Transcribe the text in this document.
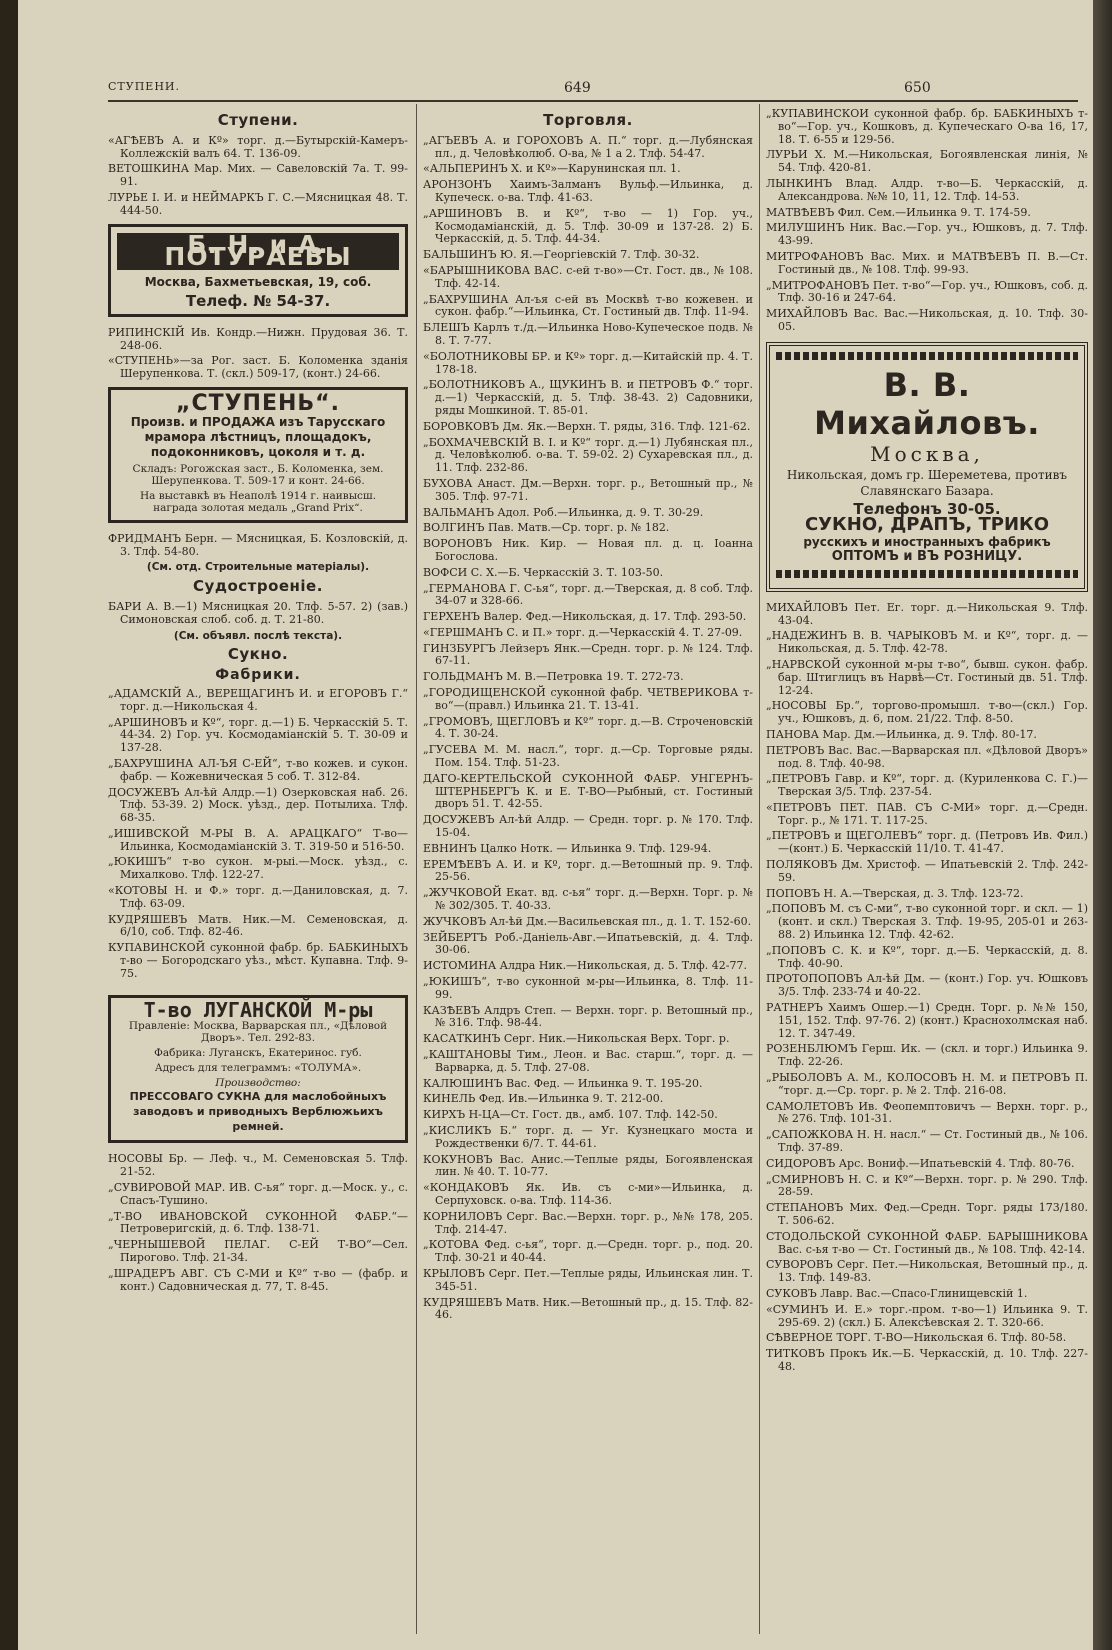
СТУПЕНИ.	649	650
Ступени.

«АГѢЕВЪ А. и Кº» торг. д.—Бутырскій-Камеръ-Коллежскій валъ 64. Т. 136-09.

ВЕТОШКИНА Мар. Мих. — Савеловскій 7а. Т. 99-91.

ЛУРЬЕ I. И. и НЕЙМАРКЪ Г. С.—Мясницкая 48. Т. 444-50.

Б. Н. и А. ПОТУРАЕВЫ
Москва, Бахметьевская, 19, соб.
Телеф. № 54-37.

РИПИНСКІЙ Ив. Кондр.—Нижн. Прудовая 36. Т. 248-06.

«СТУПЕНЬ»—за Рог. заст. Б. Коломенка зданія Шерупенкова. Т. (скл.) 509-17, (конт.) 24-66.

„СТУПЕНЬ“.
Произв. и ПРОДАЖА изъ Тарусскаго мрамора лѣстницъ, площадокъ, подоконниковъ, цоколя и т. д.
Складъ: Рогожская заст., Б. Коломенка, зем. Шерупенкова. Т. 509-17 и конт. 24-66.
На выставкѣ въ Неаполѣ 1914 г. наивысш. награда золотая медаль „Grand Prix“.

ФРИДМАНЪ Берн. — Мясницкая, Б. Козловскій, д. 3. Тлф. 54-80.

(См. отд. Строительные матеріалы).
Судостроеніе.

БАРИ А. В.—1) Мясницкая 20. Тлф. 5-57. 2) (зав.) Симоновская слоб. соб. д. Т. 21-80.

(См. объявл. послѣ текста).
Сукно.
Фабрики.

„АДАМСКІЙ А., ВЕРЕЩАГИНЪ И. и ЕГОРОВЪ Г.“ торг. д.—Никольская 4.

„АРШИНОВЪ и Кº“, торг. д.—1) Б. Черкасскій 5. Т. 44-34. 2) Гор. уч. Космодаміанскій 5. Т. 30-09 и 137-28.

„БАХРУШИНА АЛ-ЪЯ С-ЕЙ“, т-во кожев. и сукон. фабр. — Кожевническая 5 соб. Т. 312-84.

ДОСУЖЕВЪ Ал-ѣй Алдр.—1) Озерковская наб. 26. Тлф. 53-39. 2) Моск. уѣзд., дер. Потылиха. Тлф. 68-35.

„ИШИВСКОЙ М-РЫ В. А. АРАЦКАГО“ Т-во—Ильинка, Космодаміанскій 3. Т. 319-50 и 516-50.

„ЮКИШЪ“ т-во сукон. м-рыі.—Моск. уѣзд., с. Михалково. Тлф. 122-27.

«КОТОВЫ Н. и Ф.» торг. д.—Даниловская, д. 7. Тлф. 63-09.

КУДРЯШЕВЪ Матв. Ник.—М. Семеновская, д. 6/10, соб. Тлф. 82-46.

КУПАВИНСКОЙ суконной фабр. бр. БАБКИНЫХЪ т-во — Богородскаго уѣз., мѣст. Купавна. Тлф. 9-75.

Т-во ЛУГАНСКОЙ М-ры
Правленіе: Москва, Варварская пл., «Дѣловой Дворъ». Тел. 292-83.
Фабрика: Луганскъ, Екатеринос. губ.
Адресъ для телеграммъ: «ТОЛУМА».
Производство:
ПРЕССОВАГО СУКНА для маслобойныхъ заводовъ и приводныхъ Верблюжьихъ ремней.

НОСОВЫ Бр. — Леф. ч., М. Семеновская 5. Тлф. 21-52.

„СУВИРОВОЙ МАР. ИВ. С-ья“ торг. д.—Моск. у., с. Спасъ-Тушино.

„Т-ВО ИВАНОВСКОЙ СУКОННОЙ ФАБР.“—Петроверигскій, д. 6. Тлф. 138-71.

„ЧЕРНЫШЕВОЙ ПЕЛАГ. С-ЕЙ Т-ВО“—Сел. Пирогово. Тлф. 21-34.

„ШРАДЕРЪ АВГ. СЪ С-МИ и Кº“ т-во — (фабр. и конт.) Садовническая д. 77, Т. 8-45.

Торговля.

„АГЪЕВЪ А. и ГОРОХОВЪ А. П.“ торг. д.—Лубянская пл., д. Человѣколюб. О-ва, № 1 а 2. Тлф. 54-47.

«АЛЬПЕРИНЪ Х. и Кº»—Карунинская пл. 1.

АРОНЗОНЪ Хаимъ-Залманъ Вульф.—Ильинка, д. Купеческ. о-ва. Тлф. 41-63.

„АРШИНОВЪ В. и Кº“, т-во — 1) Гор. уч., Космодаміанскій, д. 5. Тлф. 30-09 и 137-28. 2) Б. Черкасскій, д. 5. Тлф. 44-34.

БАЛЬШИНЪ Ю. Я.—Георгіевскій 7. Тлф. 30-32.

«БАРЫШНИКОВА ВАС. с-ей т-во»—Ст. Гост. дв., № 108. Тлф. 42-14.

„БАХРУШИНА Ал-ъя с-ей въ Москвѣ т-во кожевен. и сукон. фабр.“—Ильинка, Ст. Гостиный дв. Тлф. 11-94.

БЛЕШЪ Карлъ т./д.—Ильинка Ново-Купеческое подв. № 8. Т. 7-77.

«БОЛОТНИКОВЫ БР. и Кº» торг. д.—Китайскій пр. 4. Т. 178-18.

„БОЛОТНИКОВЪ А., ЩУКИНЪ В. и ПЕТРОВЪ Ф.“ торг. д.—1) Черкасскій, д. 5. Тлф. 38-43. 2) Садовники, ряды Мошкиной. Т. 85-01.

БОРОВКОВЪ Дм. Як.—Верхн. Т. ряды, 316. Тлф. 121-62.

„БОХМАЧЕВСКІЙ В. I. и Кº“ торг. д.—1) Лубянская пл., д. Человѣколюб. о-ва. Т. 59-02. 2) Сухаревская пл., д. 11. Тлф. 232-86.

БУХОВА Анаст. Дм.—Верхн. торг. р., Ветошный пр., № 305. Тлф. 97-71.

ВАЛЬМАНЪ Адол. Роб.—Ильинка, д. 9. Т. 30-29.

ВОЛГИНЪ Пав. Матв.—Ср. торг. р. № 182.

ВОРОНОВЪ Ник. Кир. — Новая пл. д. ц. Іоанна Богослова.

ВОФСИ С. Х.—Б. Черкасскій 3. Т. 103-50.

„ГЕРМАНОВА Г. С-ья“, торг. д.—Тверская, д. 8 соб. Тлф. 34-07 и 328-66.

ГЕРХЕНЪ Валер. Фед.—Никольская, д. 17. Тлф. 293-50.

«ГЕРШМАНЪ С. и П.» торг. д.—Черкасскій 4. Т. 27-09.

ГИНЗБУРГЪ Лейзеръ Янк.—Средн. торг. р. № 124. Тлф. 67-11.

ГОЛЬДМАНЪ М. В.—Петровка 19. Т. 272-73.

„ГОРОДИЩЕНСКОЙ суконной фабр. ЧЕТВЕРИКОВА т-во“—(правл.) Ильинка 21. Т. 13-41.

„ГРОМОВЪ, ЩЕГЛОВЪ и Кº“ торг. д.—В. Строченовскій 4. Т. 30-24.

„ГУСЕВА М. М. насл.“, торг. д.—Ср. Торговые ряды. Пом. 154. Тлф. 51-23.

ДАГО-КЕРТЕЛЬСКОЙ СУКОННОЙ ФАБР. УНГЕРНЪ-ШТЕРНБЕРГЪ К. и Е. Т-ВО—Рыбный, ст. Гостиный дворъ 51. Т. 42-55.

ДОСУЖЕВЪ Ал-ѣй Алдр. — Средн. торг. р. № 170. Тлф. 15-04.

ЕВНИНЪ Цалко Нотк. — Ильинка 9. Тлф. 129-94.

ЕРЕМѢЕВЪ А. И. и Кº, торг. д.—Ветошный пр. 9. Тлф. 25-56.

„ЖУЧКОВОЙ Екат. вд. с-ья“ торг. д.—Верхн. Торг. р. №№ 302/305. Т. 40-33.

ЖУЧКОВЪ Ал-ѣй Дм.—Васильевская пл., д. 1. Т. 152-60.

ЗЕЙБЕРТЪ Роб.-Даніель-Авг.—Ипатьевскій, д. 4. Тлф. 30-06.

ИСТОМИНА Алдра Ник.—Никольская, д. 5. Тлф. 42-77.

„ЮКИШЪ“, т-во суконной м-ры—Ильинка, 8. Тлф. 11-99.

КАЗѢЕВЪ Алдръ Степ. — Верхн. торг. р. Ветошный пр., № 316. Тлф. 98-44.

КАСАТКИНЪ Серг. Ник.—Никольская Верх. Торг. р.

„КАШТАНОВЫ Тим., Леон. и Вас. старш.“, торг. д. — Варварка, д. 5. Тлф. 27-08.

КАЛЮШИНЪ Вас. Фед. — Ильинка 9. Т. 195-20.

КИНЕЛЬ Фед. Ив.—Ильинка 9. Т. 212-00.

КИРХЪ Н-ЦА—Ст. Гост. дв., амб. 107. Тлф. 142-50.

„КИСЛИКЪ Б.“ торг. д. — Уг. Кузнецкаго моста и Рождественки 6/7. Т. 44-61.

КОКУНОВЪ Вас. Анис.—Теплые ряды, Богоявленская лин. № 40. Т. 10-77.

«КОНДАКОВЪ Як. Ив. съ с-ми»—Ильинка, д. Серпуховск. о-ва. Тлф. 114-36.

КОРНИЛОВЪ Серг. Вас.—Верхн. торг. р., №№ 178, 205. Тлф. 214-47.

„КОТОВА Фед. с-ья“, торг. д.—Средн. торг. р., под. 20. Тлф. 30-21 и 40-44.

КРЫЛОВЪ Серг. Пет.—Теплые ряды, Ильинская лин. Т. 345-51.

КУДРЯШЕВЪ Матв. Ник.—Ветошный пр., д. 15. Тлф. 82-46.

„КУПАВИНСКОЙ суконной фабр. бр. БАБКИНЫХЪ т-во“—Гор. уч., Кошковъ, д. Купеческаго О-ва 16, 17, 18. Т. 6-55 и 129-56.

ЛУРЬИ Х. М.—Никольская, Богоявленская линія, № 54. Тлф. 420-81.

ЛЫНКИНЪ Влад. Алдр. т-во—Б. Черкасскій, д. Александрова. №№ 10, 11, 12. Тлф. 14-53.

МАТВѢЕВЪ Фил. Сем.—Ильинка 9. Т. 174-59.

МИЛУШИНЪ Ник. Вас.—Гор. уч., Юшковъ, д. 7. Тлф. 43-99.

МИТРОФАНОВЪ Вас. Мих. и МАТВѢЕВЪ П. В.—Ст. Гостиный дв., № 108. Тлф. 99-93.

„МИТРОФАНОВЪ Пет. т-во“—Гор. уч., Юшковъ, соб. д. Тлф. 30-16 и 247-64.

МИХАЙЛОВЪ Вас. Вас.—Никольская, д. 10. Тлф. 30-05.

В. В. Михайловъ.
Москва,
Никольская, домъ гр. Шереметева, противъ Славянскаго Базара.
Телефонъ 30-05.
СУКНО, ДРАПЪ, ТРИКО
русскихъ и иностранныхъ фабрикъ
ОПТОМЪ и ВЪ РОЗНИЦУ.

МИХАЙЛОВЪ Пет. Ег. торг. д.—Никольская 9. Тлф. 43-04.

„НАДЕЖИНЪ В. В. ЧАРЫКОВЪ М. и Кº“, торг. д. — Никольская, д. 5. Тлф. 42-78.

„НАРВСКОЙ суконной м-ры т-во“, бывш. сукон. фабр. бар. Штиглицъ въ Нарвѣ—Ст. Гостиный дв. 51. Тлф. 12-24.

„НОСОВЫ Бр.“, торгово-промышл. т-во—(скл.) Гор. уч., Юшковъ, д. 6, пом. 21/22. Тлф. 8-50.

ПАНОВА Мар. Дм.—Ильинка, д. 9. Тлф. 80-17.

ПЕТРОВЪ Вас. Вас.—Варварская пл. «Дѣловой Дворъ» под. 8. Тлф. 40-98.

„ПЕТРОВЪ Гавр. и Кº“, торг. д. (Куриленкова С. Г.)—Тверская 3/5. Тлф. 237-54.

«ПЕТРОВЪ ПЕТ. ПАВ. СЪ С-МИ» торг. д.—Средн. Торг. р., № 171. Т. 117-25.

„ПЕТРОВЪ и ЩЕГОЛЕВЪ“ торг. д. (Петровъ Ив. Фил.)—(конт.) Б. Черкасскій 11/10. Т. 41-47.

ПОЛЯКОВЪ Дм. Христоф. — Ипатьевскій 2. Тлф. 242-59.

ПОПОВЪ Н. А.—Тверская, д. 3. Тлф. 123-72.

„ПОПОВЪ М. съ С-ми“, т-во суконной торг. и скл. — 1) (конт. и скл.) Тверская 3. Тлф. 19-95, 205-01 и 263-88. 2) Ильинка 12. Тлф. 42-62.

„ПОПОВЪ С. К. и Кº“, торг. д.—Б. Черкасскій, д. 8. Тлф. 40-90.

ПРОТОПОПОВЪ Ал-ѣй Дм. — (конт.) Гор. уч. Юшковъ 3/5. Тлф. 233-74 и 40-22.

РАТНЕРЪ Хаимъ Ошер.—1) Средн. Торг. р. №№ 150, 151, 152. Тлф. 97-76. 2) (конт.) Краснохолмская наб. 12. Т. 347-49.

РОЗЕНБЛЮМЪ Герш. Ик. — (скл. и торг.) Ильинка 9. Тлф. 22-26.

„РЫБОЛОВЪ А. М., КОЛОСОВЪ Н. М. и ПЕТРОВЪ П. “торг. д.—Ср. торг. р. № 2. Тлф. 216-08.

САМОЛЕТОВЪ Ив. Феопемптовичъ — Верхн. торг. р., № 276. Тлф. 101-31.

„САПОЖКОВА Н. Н. насл.“ — Ст. Гостиный дв., № 106. Тлф. 37-89.

СИДОРОВЪ Арс. Вониф.—Ипатьевскій 4. Тлф. 80-76.

„СМИРНОВЪ Н. С. и Кº“—Верхн. торг. р. № 290. Тлф. 28-59.

СТЕПАНОВЪ Мих. Фед.—Средн. Торг. ряды 173/180. Т. 506-62.

СТОДОЛЬСКОЙ СУКОННОЙ ФАБР. БАРЫШНИКОВА Вас. с-ья т-во — Ст. Гостиный дв., № 108. Тлф. 42-14.

СУВОРОВЪ Серг. Пет.—Никольская, Ветошный пр., д. 13. Тлф. 149-83.

СУКОВЪ Лавр. Вас.—Спасо-Глинищевскій 1.

«СУМИНЪ И. Е.» торг.-пром. т-во—1) Ильинка 9. Т. 295-69. 2) (скл.) Б. Алексѣевская 2. Т. 320-66.

СѢВЕРНОЕ ТОРГ. Т-ВО—Никольская 6. Тлф. 80-58.

ТИТКОВЪ Прокъ Ик.—Б. Черкасскій, д. 10. Тлф. 227-48.
